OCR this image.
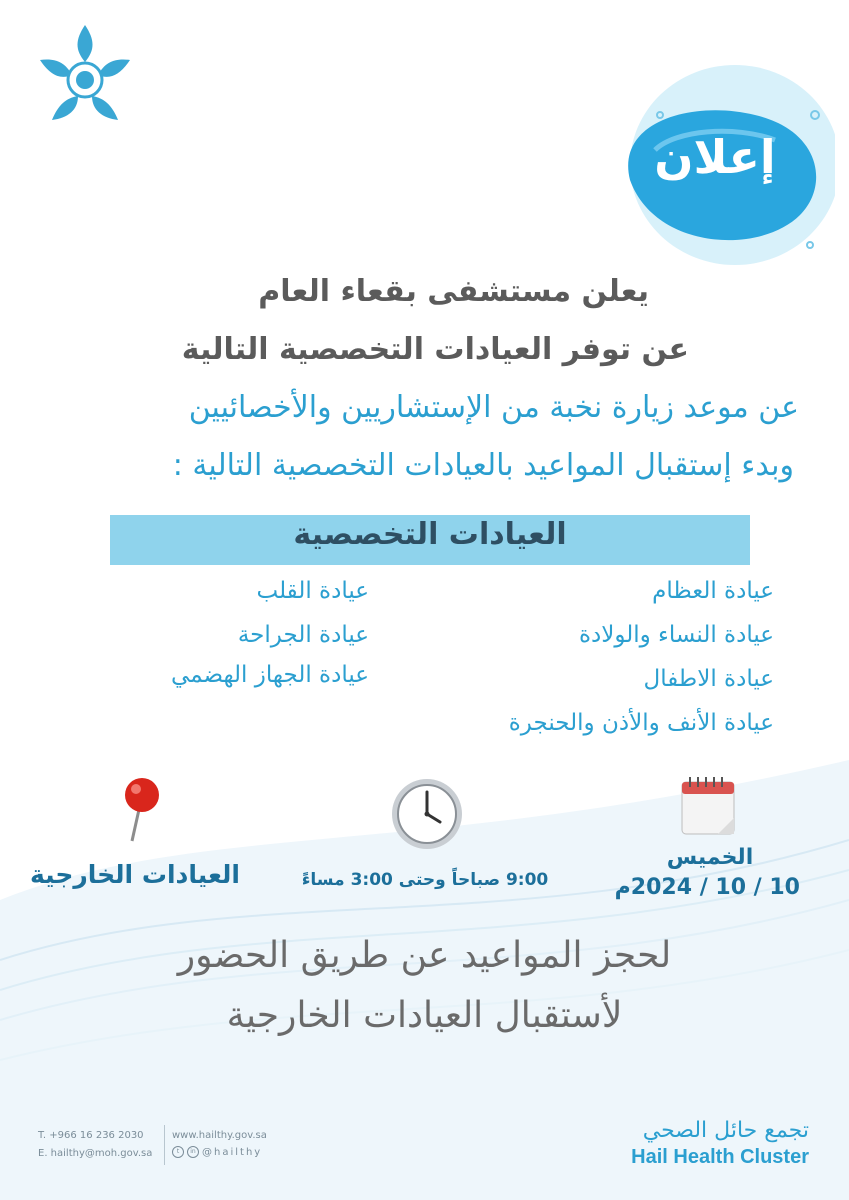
إعلان
يعلن مستشفى بقعاء العام
عن توفر العيادات التخصصية التالية
عن موعد زيارة نخبة من الإستشاريين والأخصائيين
وبدء إستقبال المواعيد بالعيادات التخصصية التالية :
العيادات التخصصية
عيادة العظام
عيادة النساء والولادة
عيادة الاطفال
عيادة الأنف والأذن والحنجرة
عيادة القلب
عيادة الجراحة
عيادة الجهاز الهضمي
الخميس
10 / 10 / 2024م
9:00 صباحاً وحتى 3:00 مساءً
العيادات الخارجية
لحجز المواعيد عن طريق الحضور
لأستقبال العيادات الخارجية
T. +966 16 236 2030
E. hailthy@moh.gov.sa
www.hailthy.gov.sa
t	in @hailthy
تجمع حائل الصحي
Hail Health Cluster
